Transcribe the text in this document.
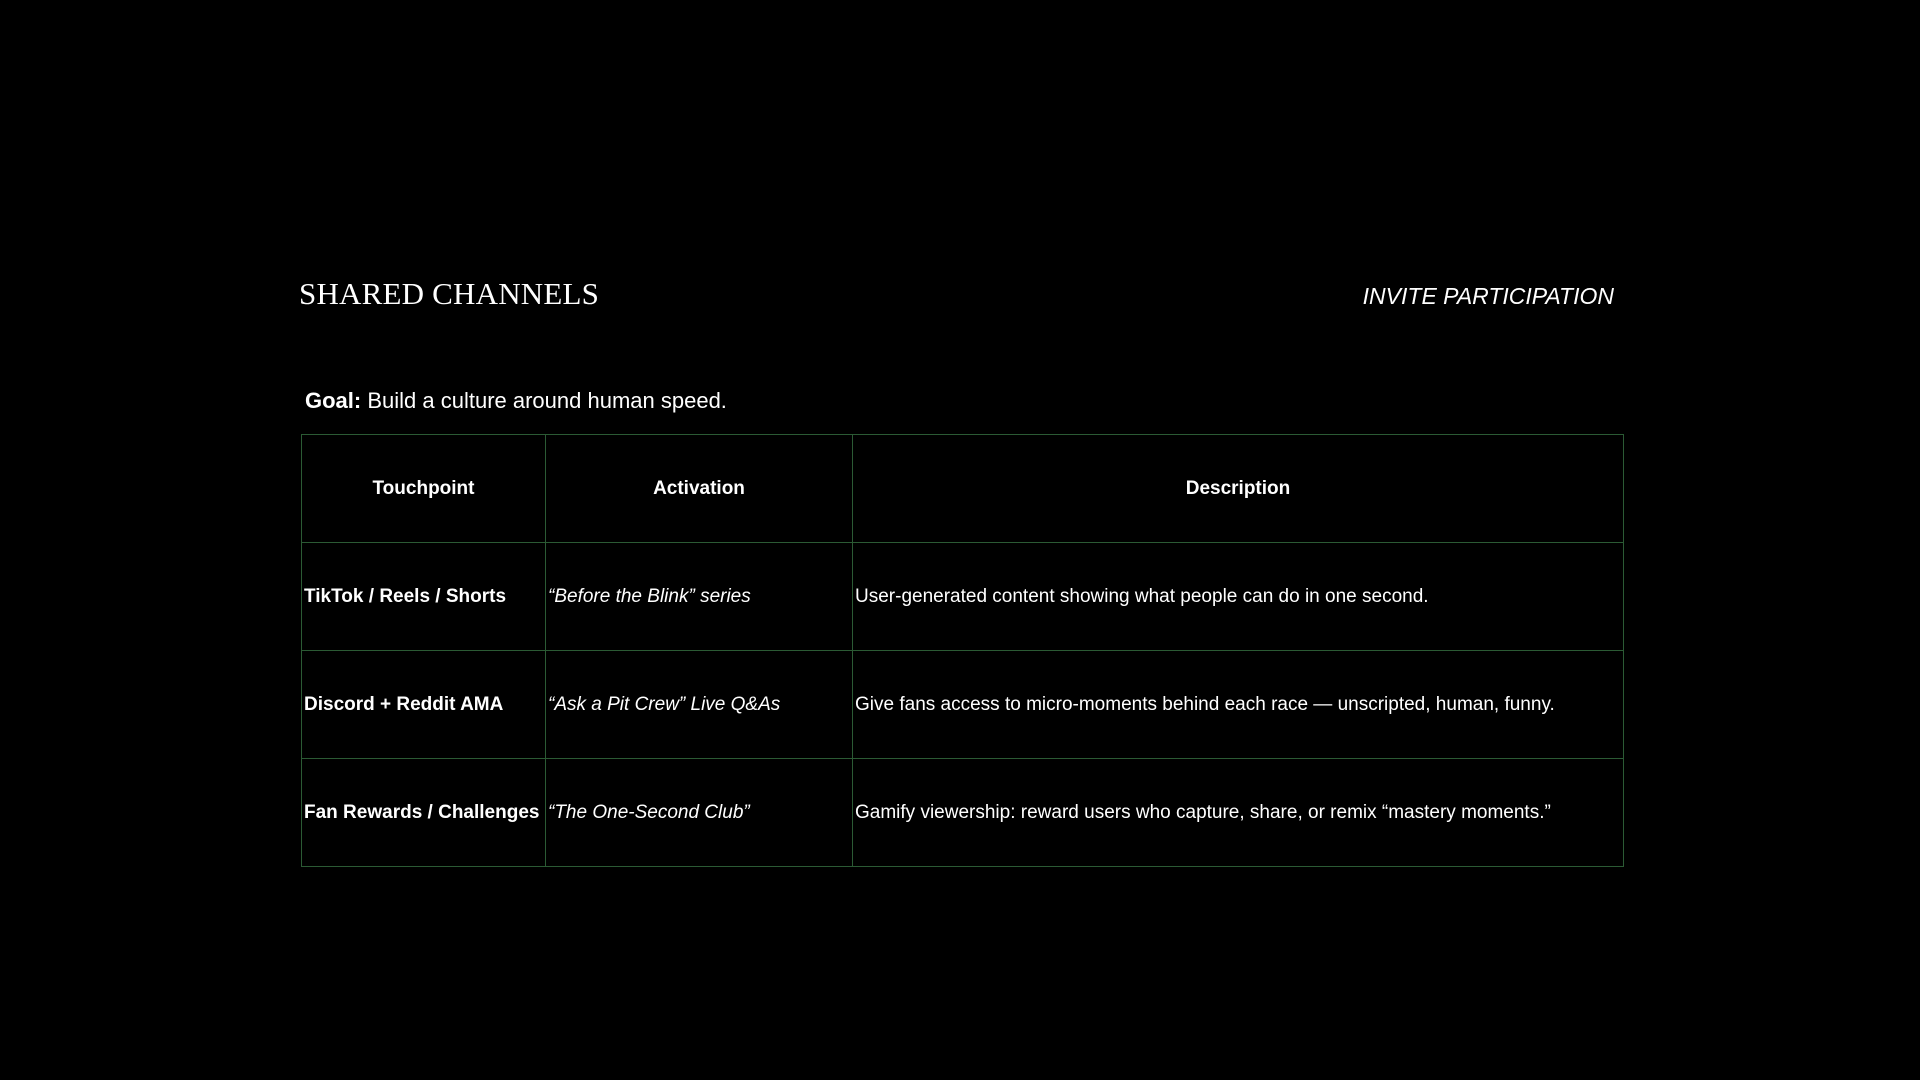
SHARED CHANNELS	INVITE PARTICIPATION
Goal: Build a culture around human speed.
Touchpoint	Activation	Description
TikTok / Reels / Shorts	“Before the Blink” series	User-generated content showing what people can do in one second.
Discord + Reddit AMA	“Ask a Pit Crew” Live Q&As	Give fans access to micro-moments behind each race — unscripted, human, funny.
Fan Rewards / Challenges	“The One-Second Club”	Gamify viewership: reward users who capture, share, or remix “mastery moments.”
